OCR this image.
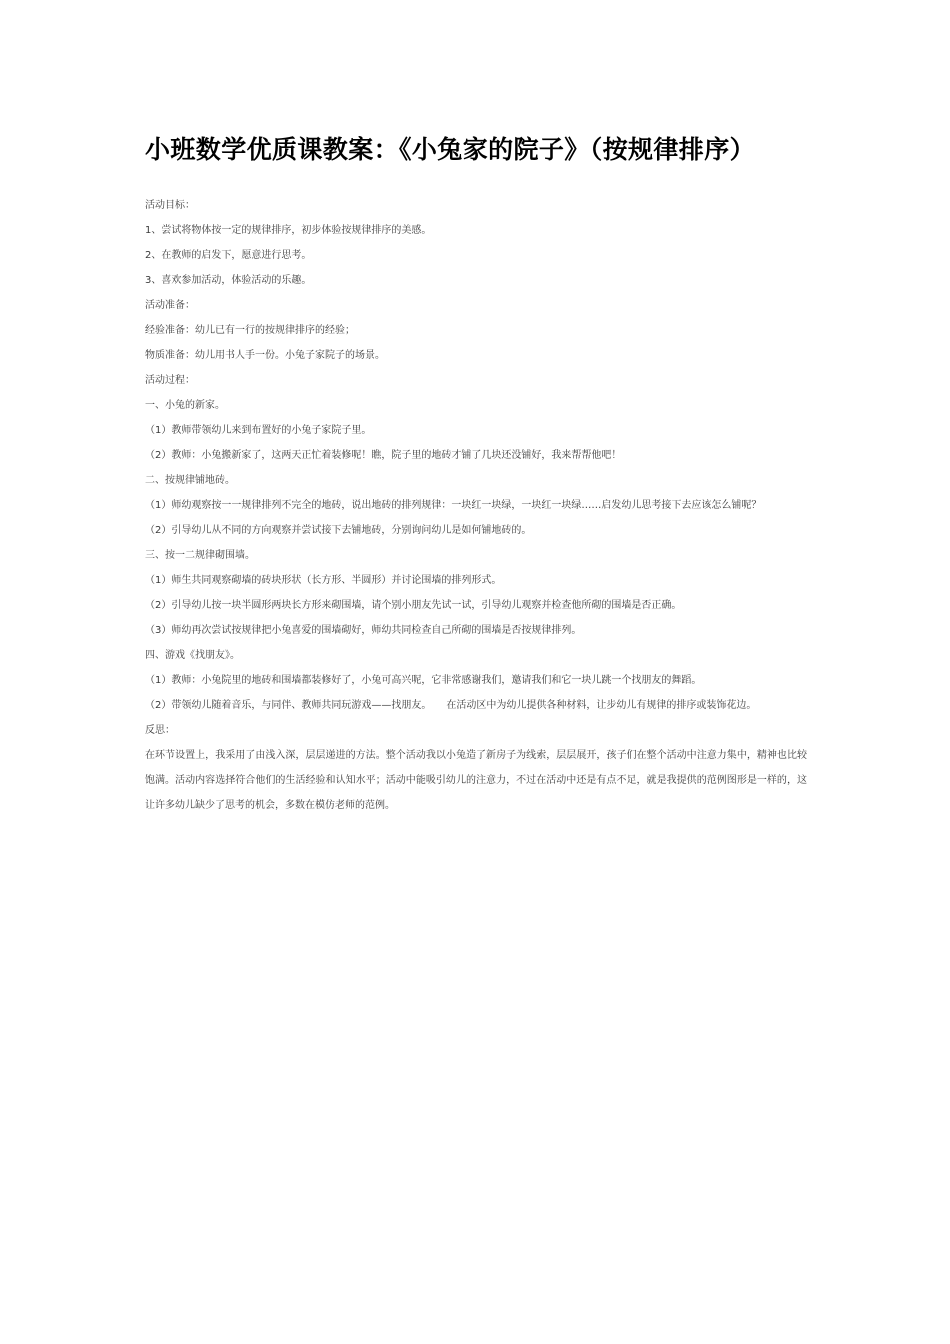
小班数学优质课教案：《小兔家的院子》（按规律排序）

活动目标：

1、尝试将物体按一定的规律排序，初步体验按规律排序的美感。

2、在教师的启发下，愿意进行思考。

3、喜欢参加活动，体验活动的乐趣。

活动准备：

经验准备：幼儿已有一行的按规律排序的经验；

物质准备：幼儿用书人手一份。小兔子家院子的场景。

活动过程：

一、小兔的新家。

（1）教师带领幼儿来到布置好的小兔子家院子里。

（2）教师：小兔搬新家了，这两天正忙着装修呢！瞧，院子里的地砖才铺了几块还没铺好，我来帮帮他吧！

二、按规律铺地砖。

（1）师幼观察按一一规律排列不完全的地砖，说出地砖的排列规律：一块红一块绿，一块红一块绿……启发幼儿思考接下去应该怎么铺呢？

（2）引导幼儿从不同的方向观察并尝试接下去铺地砖，分别询问幼儿是如何铺地砖的。

三、按一二规律砌围墙。

（1）师生共同观察砌墙的砖块形状（长方形、半圆形）并讨论围墙的排列形式。

（2）引导幼儿按一块半圆形两块长方形来砌围墙，请个别小朋友先试一试，引导幼儿观察并检查他所砌的围墙是否正确。

（3）师幼再次尝试按规律把小兔喜爱的围墙砌好，师幼共同检查自己所砌的围墙是否按规律排列。

四、游戏《找朋友》。

（1）教师：小兔院里的地砖和围墙都装修好了，小兔可高兴呢，它非常感谢我们，邀请我们和它一块儿跳一个找朋友的舞蹈。

（2）带领幼儿随着音乐，与同伴、教师共同玩游戏——找朋友。　　在活动区中为幼儿提供各种材料，让步幼儿有规律的排序或装饰花边。

反思：

在环节设置上，我采用了由浅入深，层层递进的方法。整个活动我以小兔造了新房子为线索，层层展开，孩子们在整个活动中注意力集中，精神也比较饱满。活动内容选择符合他们的生活经验和认知水平；活动中能吸引幼儿的注意力，不过在活动中还是有点不足，就是我提供的范例图形是一样的，这让许多幼儿缺少了思考的机会，多数在模仿老师的范例。
